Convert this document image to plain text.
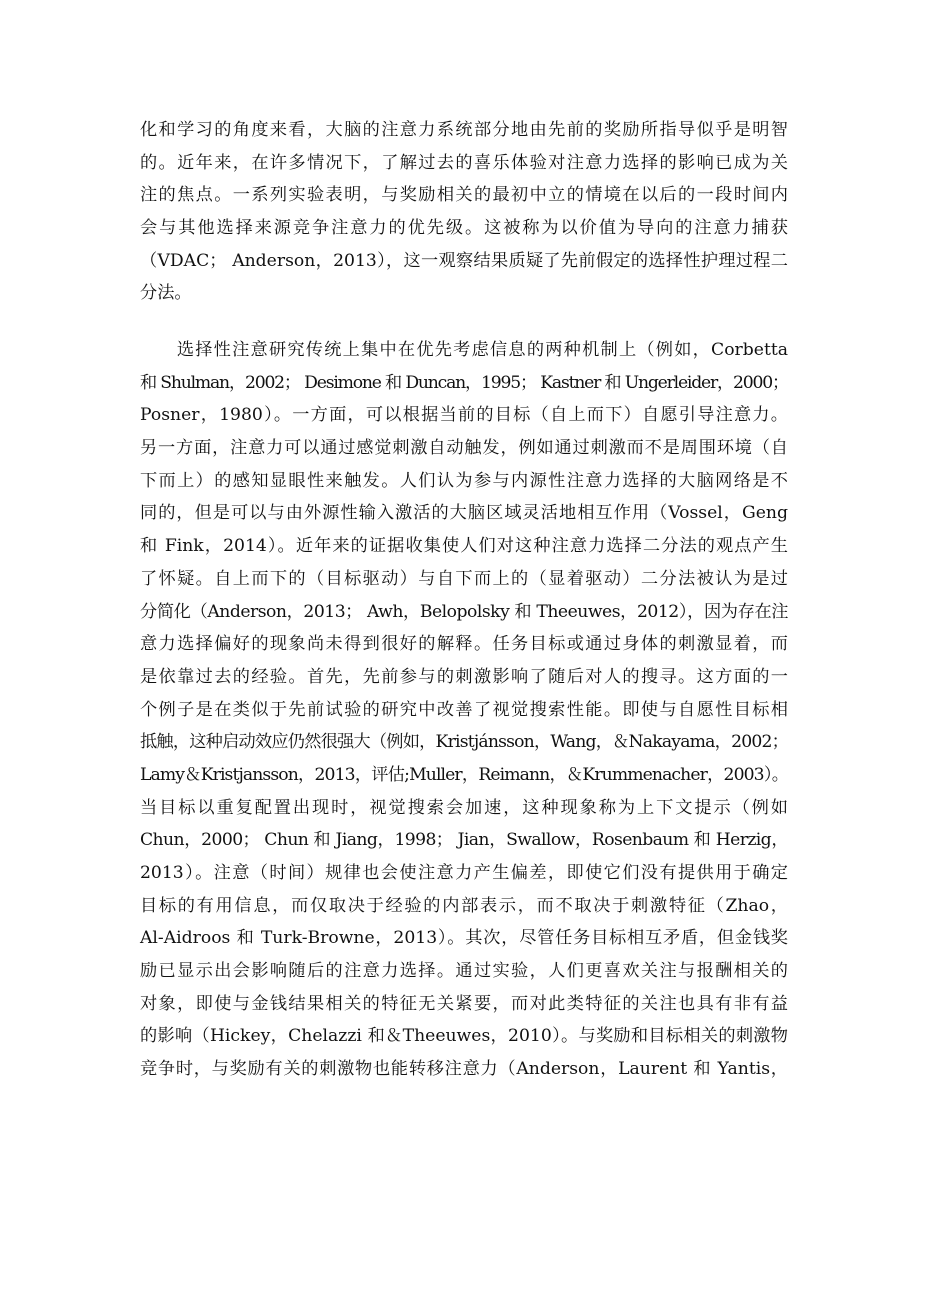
化和学习的角度来看，大脑的注意力系统部分地由先前的奖励所指导似乎是明智
的。近年来，在许多情况下，了解过去的喜乐体验对注意力选择的影响已成为关
注的焦点。一系列实验表明，与奖励相关的最初中立的情境在以后的一段时间内
会与其他选择来源竞争注意力的优先级。这被称为以价值为导向的注意力捕获
（VDAC； Anderson，2013），这一观察结果质疑了先前假定的选择性护理过程二
分法。
　　选择性注意研究传统上集中在优先考虑信息的两种机制上（例如，Corbetta
和 Shulman，2002； Desimone 和 Duncan，1995； Kastner 和 Ungerleider，2000；
Posner，1980）。一方面，可以根据当前的目标（自上而下）自愿引导注意力。
另一方面，注意力可以通过感觉刺激自动触发，例如通过刺激而不是周围环境（自
下而上）的感知显眼性来触发。人们认为参与内源性注意力选择的大脑网络是不
同的，但是可以与由外源性输入激活的大脑区域灵活地相互作用（Vossel，Geng
和 Fink，2014）。近年来的证据收集使人们对这种注意力选择二分法的观点产生
了怀疑。自上而下的（目标驱动）与自下而上的（显着驱动）二分法被认为是过
分简化（Anderson，2013； Awh，Belopolsky 和 Theeuwes，2012），因为存在注
意力选择偏好的现象尚未得到很好的解释。任务目标或通过身体的刺激显着，而
是依靠过去的经验。首先，先前参与的刺激影响了随后对人的搜寻。这方面的一
个例子是在类似于先前试验的研究中改善了视觉搜索性能。即使与自愿性目标相
抵触，这种启动效应仍然很强大（例如，Kristjánsson，Wang，＆Nakayama，2002；
Lamy＆Kristjansson，2013，评估;Muller，Reimann，＆Krummenacher，2003）。
当目标以重复配置出现时，视觉搜索会加速，这种现象称为上下文提示（例如
Chun，2000； Chun 和 Jiang，1998； Jian，Swallow，Rosenbaum 和 Herzig，
2013）。注意（时间）规律也会使注意力产生偏差，即使它们没有提供用于确定
目标的有用信息，而仅取决于经验的内部表示，而不取决于刺激特征（Zhao，
Al-Aidroos 和 Turk-Browne，2013）。其次，尽管任务目标相互矛盾，但金钱奖
励已显示出会影响随后的注意力选择。通过实验，人们更喜欢关注与报酬相关的
对象，即使与金钱结果相关的特征无关紧要，而对此类特征的关注也具有非有益
的影响（Hickey，Chelazzi 和＆Theeuwes，2010）。与奖励和目标相关的刺激物
竞争时，与奖励有关的刺激物也能转移注意力（Anderson，Laurent 和 Yantis，
